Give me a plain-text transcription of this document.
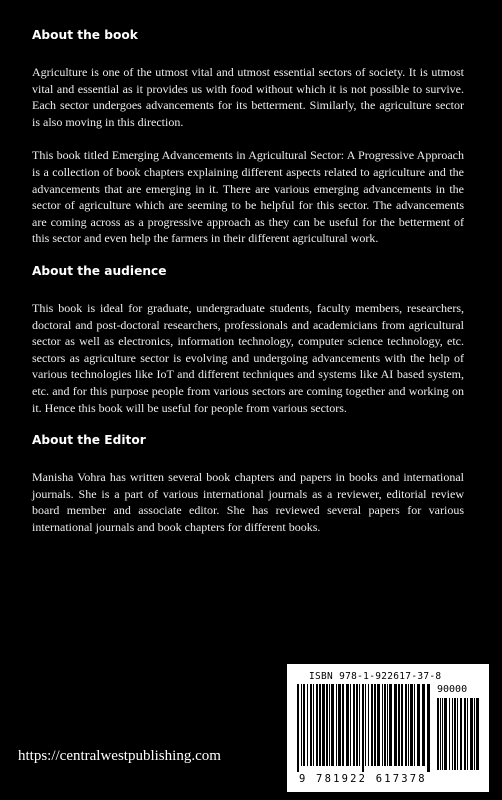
About the book

Agriculture is one of the utmost vital and utmost essential sectors of society. It is utmost vital and essential as it provides us with food without which it is not possible to survive. Each sector undergoes advancements for its betterment. Similarly, the agriculture sector is also moving in this direction.

This book titled Emerging Advancements in Agricultural Sector: A Progressive Approach is a collection of book chapters explaining different aspects related to agriculture and the advancements that are emerging in it. There are various emerging advancements in the sector of agriculture which are seeming to be helpful for this sector. The advancements are coming across as a progressive approach as they can be useful for the betterment of this sector and even help the farmers in their different agricultural work.

About the audience

This book is ideal for graduate, undergraduate students, faculty members, researchers, doctoral and post-doctoral researchers, professionals and academicians from agricultural sector as well as electronics, information technology, computer science technology, etc. sectors as agriculture sector is evolving and undergoing advancements with the help of various technologies like IoT and different techniques and systems like AI based system, etc. and for this purpose people from various sectors are coming together and working on it. Hence this book will be useful for people from various sectors.

About the Editor

Manisha Vohra has written several book chapters and papers in books and international journals. She is a part of various international journals as a reviewer, editorial review board member and associate editor. She has reviewed several papers for various international journals and book chapters for different books.

ISBN 978-1-922617-37-8
90000
9 781922 617378
https://centralwestpublishing.com
